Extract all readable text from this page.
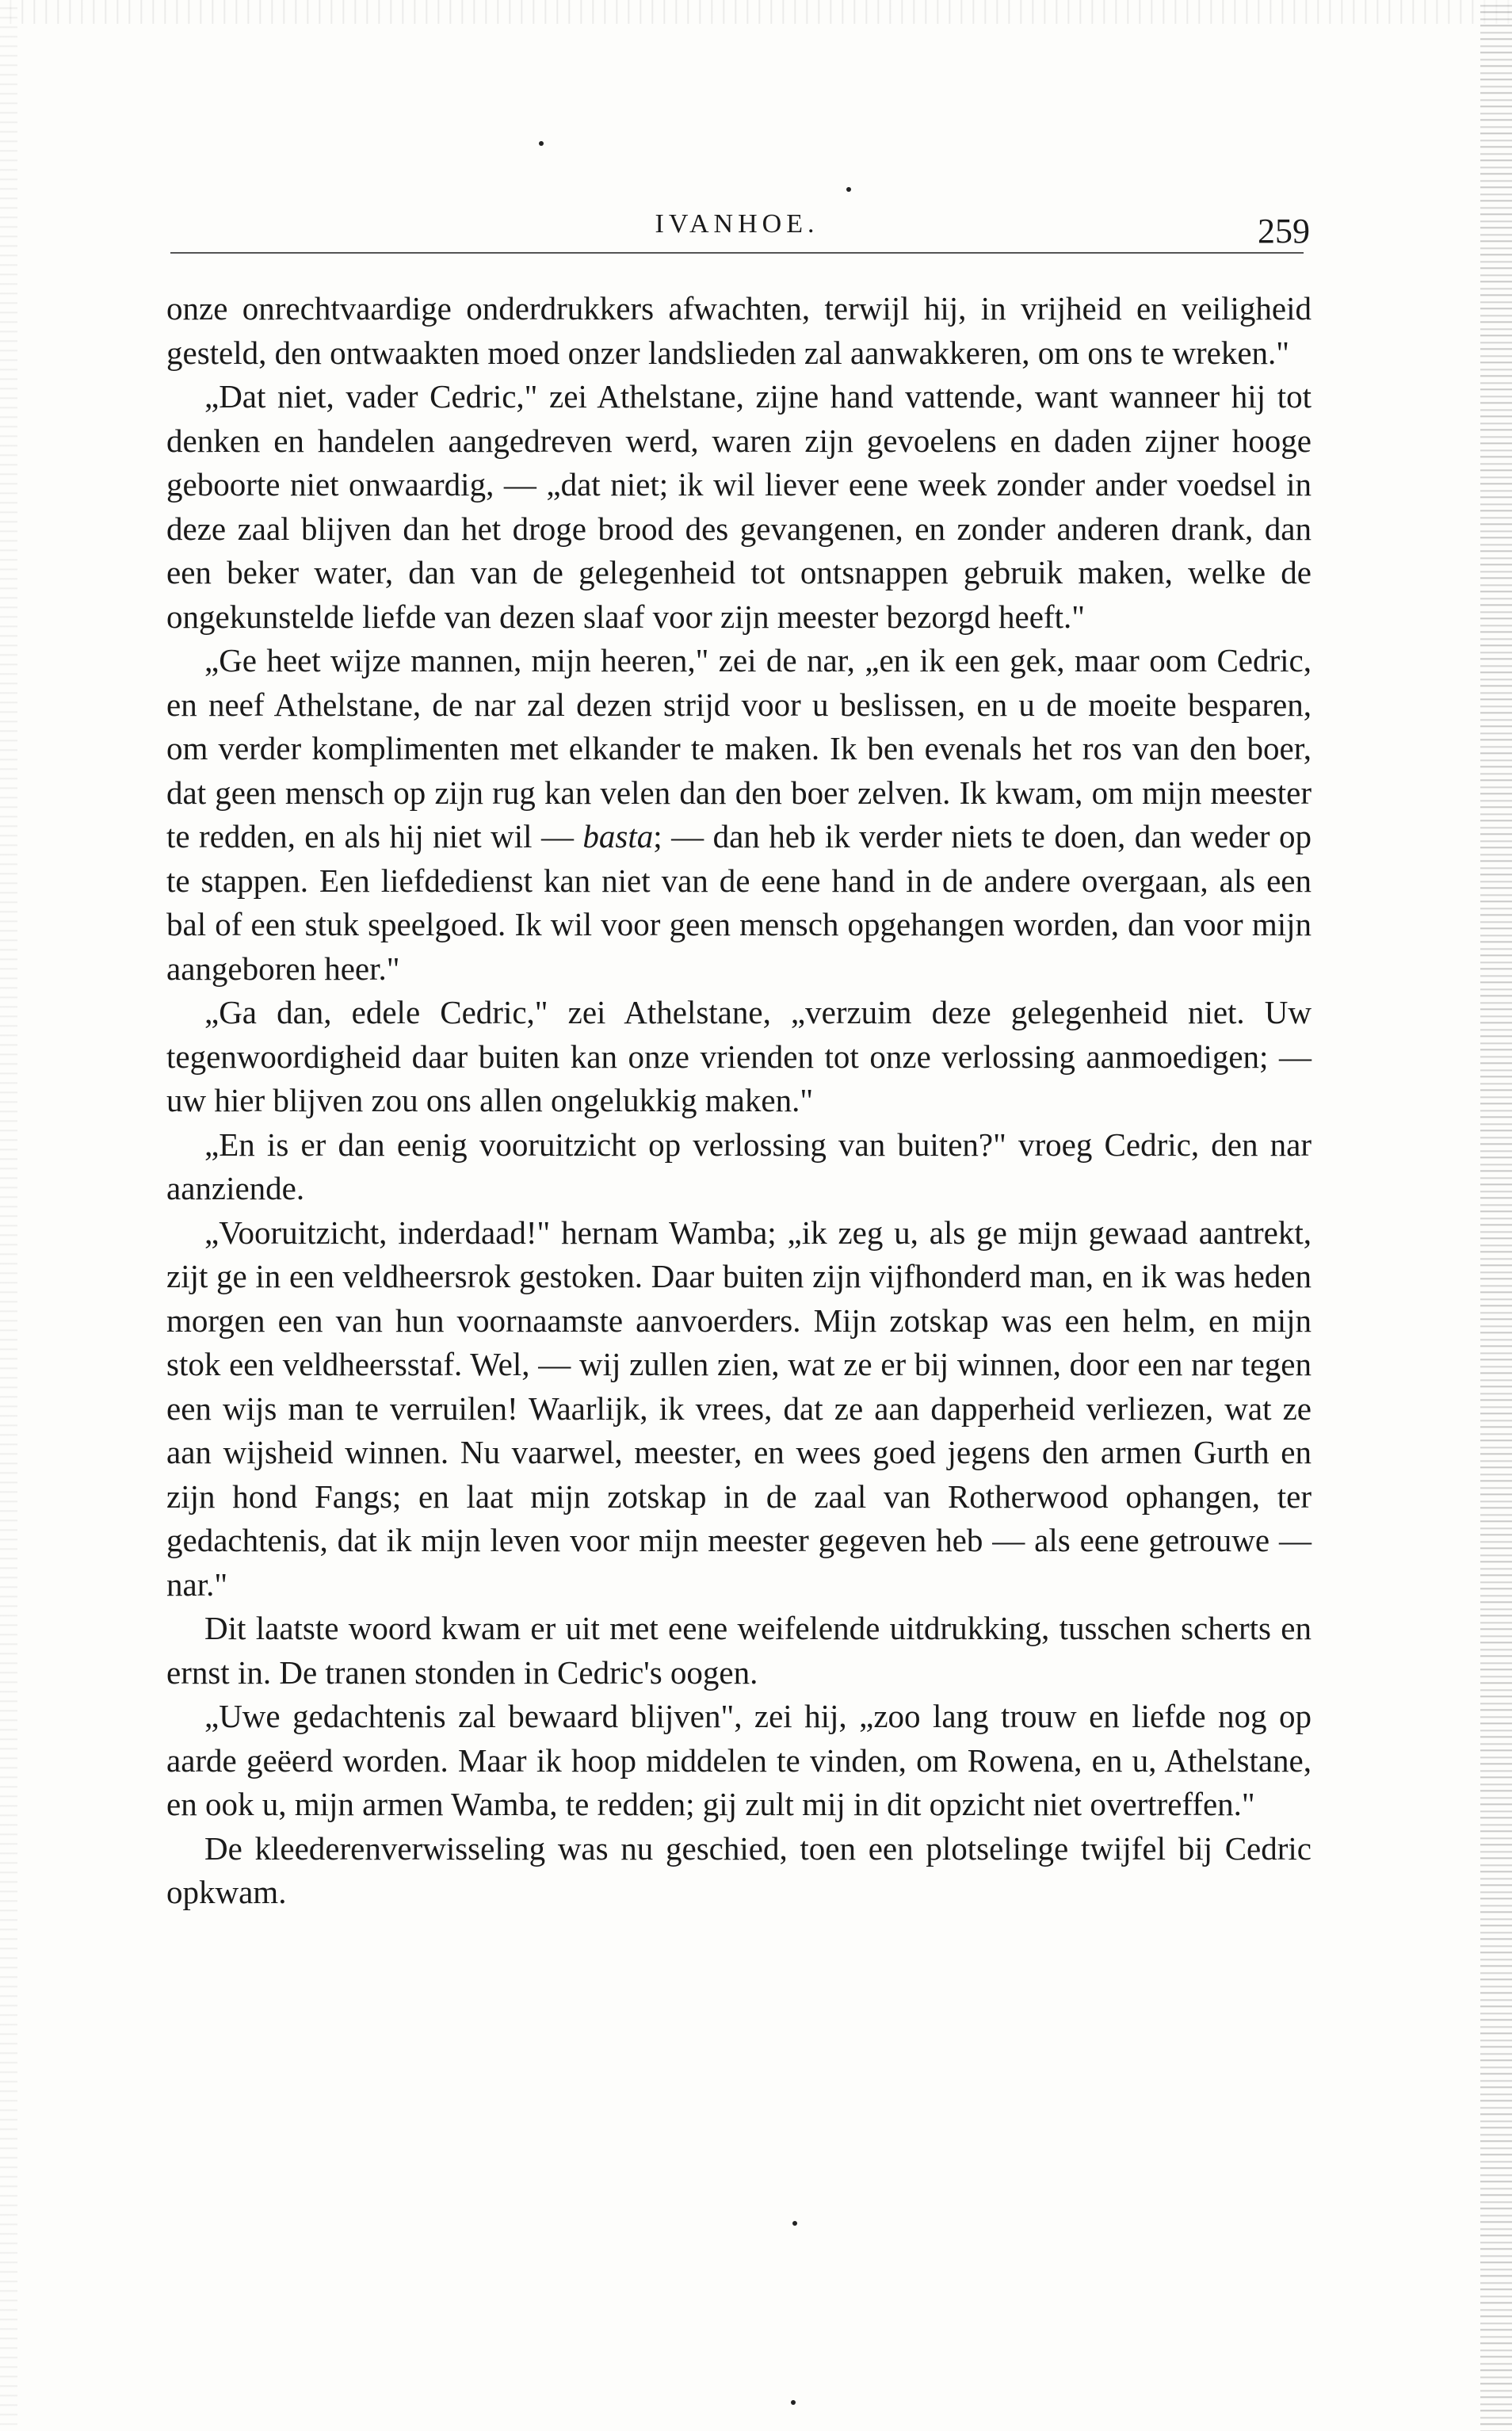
IVANHOE.	259

onze onrechtvaardige onderdrukkers afwachten, terwijl hij, in vrijheid en veiligheid gesteld, den ontwaakten moed onzer landslieden zal aanwakkeren, om ons te wreken."

„Dat niet, vader Cedric," zei Athelstane, zijne hand vattende, want wanneer hij tot denken en handelen aangedreven werd, waren zijn gevoelens en daden zijner hooge geboorte niet onwaardig, — „dat niet; ik wil liever eene week zonder ander voedsel in deze zaal blijven dan het droge brood des gevangenen, en zonder anderen drank, dan een beker water, dan van de gelegenheid tot ontsnappen gebruik maken, welke de ongekunstelde liefde van dezen slaaf voor zijn meester bezorgd heeft."

„Ge heet wijze mannen, mijn heeren," zei de nar, „en ik een gek, maar oom Cedric, en neef Athelstane, de nar zal dezen strijd voor u beslissen, en u de moeite besparen, om verder komplimenten met elkander te maken. Ik ben evenals het ros van den boer, dat geen mensch op zijn rug kan velen dan den boer zelven. Ik kwam, om mijn meester te redden, en als hij niet wil — basta; — dan heb ik verder niets te doen, dan weder op te stappen. Een liefdedienst kan niet van de eene hand in de andere overgaan, als een bal of een stuk speelgoed. Ik wil voor geen mensch opgehangen worden, dan voor mijn aangeboren heer."

„Ga dan, edele Cedric," zei Athelstane, „verzuim deze gelegenheid niet. Uw tegenwoordigheid daar buiten kan onze vrienden tot onze verlossing aanmoedigen; — uw hier blijven zou ons allen ongelukkig maken."

„En is er dan eenig vooruitzicht op verlossing van buiten?" vroeg Cedric, den nar aanziende.

„Vooruitzicht, inderdaad!" hernam Wamba; „ik zeg u, als ge mijn gewaad aantrekt, zijt ge in een veldheersrok gestoken. Daar buiten zijn vijfhonderd man, en ik was heden morgen een van hun voornaamste aanvoerders. Mijn zotskap was een helm, en mijn stok een veldheersstaf. Wel, — wij zullen zien, wat ze er bij winnen, door een nar tegen een wijs man te verruilen! Waarlijk, ik vrees, dat ze aan dapperheid verliezen, wat ze aan wijsheid winnen. Nu vaarwel, meester, en wees goed jegens den armen Gurth en zijn hond Fangs; en laat mijn zotskap in de zaal van Rotherwood ophangen, ter gedachtenis, dat ik mijn leven voor mijn meester gegeven heb — als eene getrouwe — nar."

Dit laatste woord kwam er uit met eene weifelende uitdrukking, tusschen scherts en ernst in. De tranen stonden in Cedric's oogen.

„Uwe gedachtenis zal bewaard blijven", zei hij, „zoo lang trouw en liefde nog op aarde geëerd worden. Maar ik hoop middelen te vinden, om Rowena, en u, Athelstane, en ook u, mijn armen Wamba, te redden; gij zult mij in dit opzicht niet overtreffen."

De kleederenverwisseling was nu geschied, toen een plotselinge twijfel bij Cedric opkwam.
